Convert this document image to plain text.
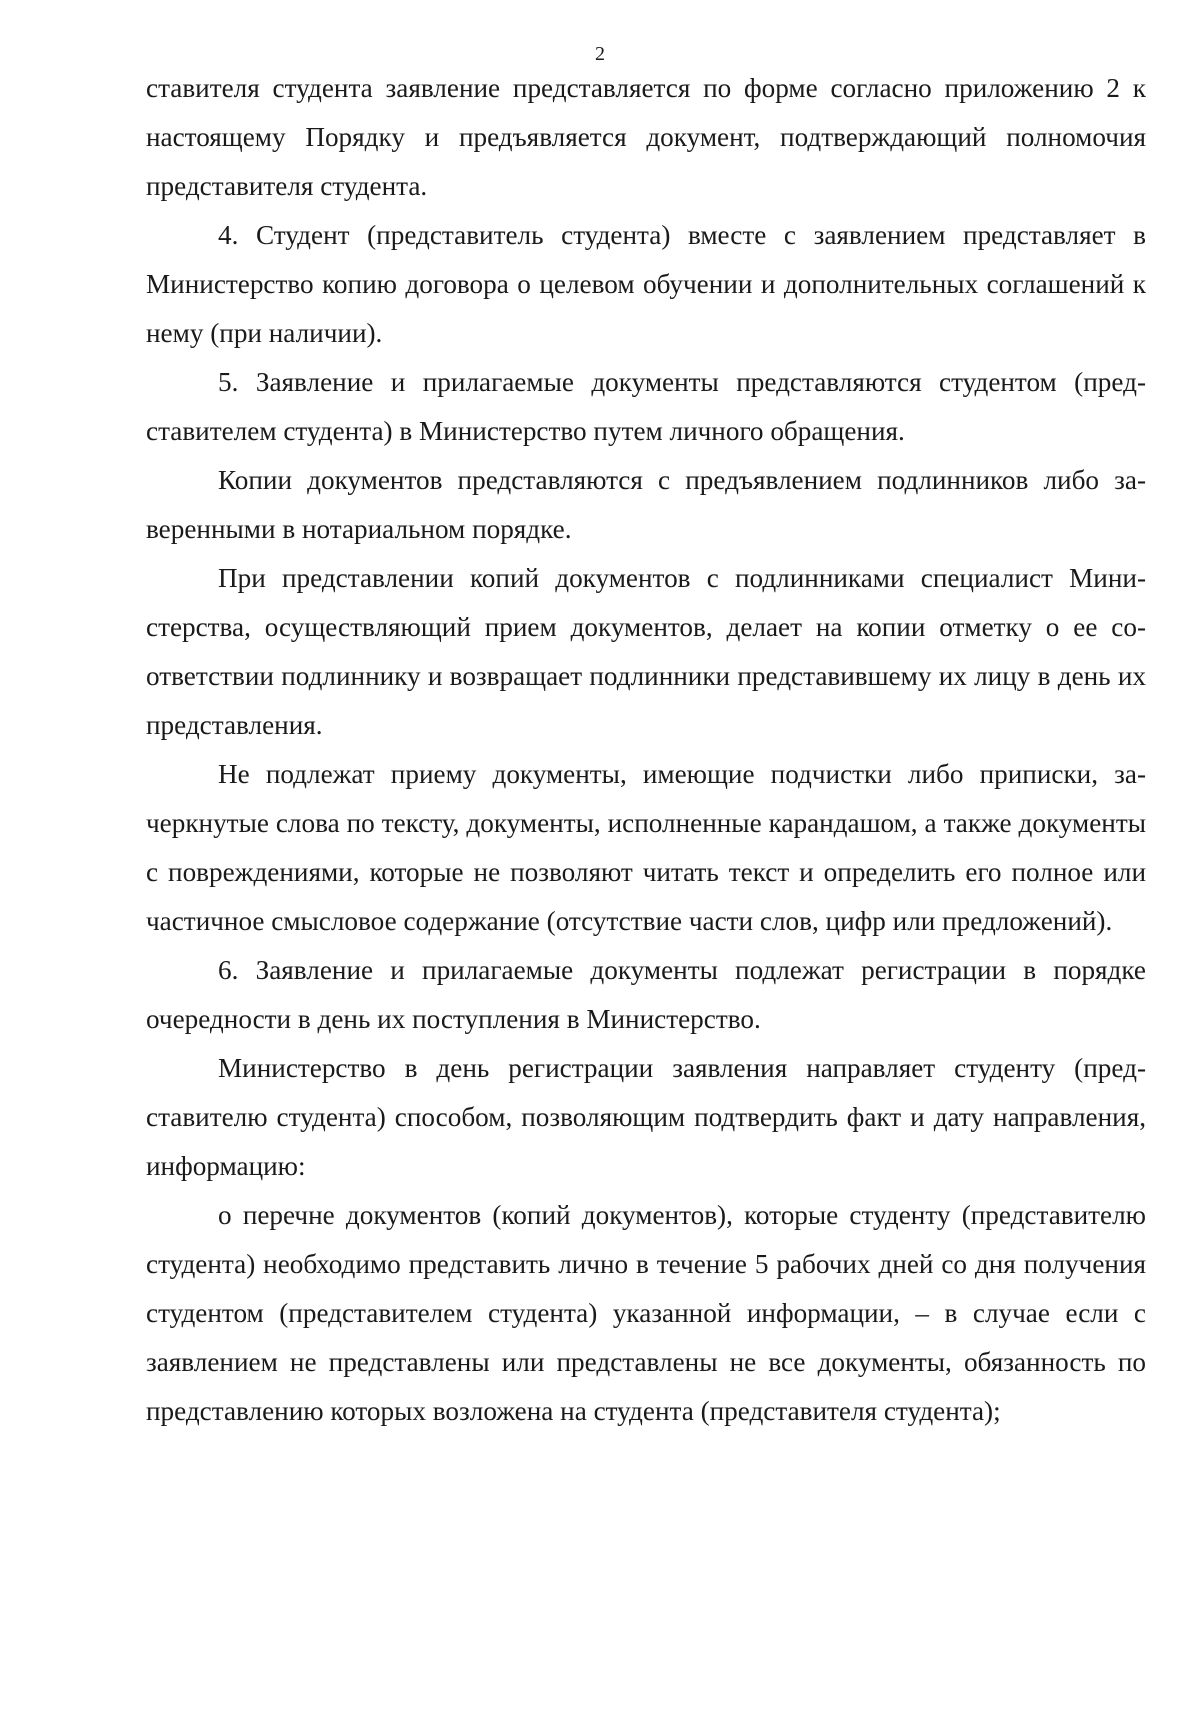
2

ставителя студента заявление представляется по форме согласно приложению 2 к настоящему Порядку и предъявляется документ, подтверждающий полномочия представителя студента.

4. Студент (представитель студента) вместе с заявлением представляет в Министерство копию договора о целевом обучении и дополнительных соглашений к нему (при наличии).

5. Заявление и прилагаемые документы представляются студентом (представителем студента) в Министерство путем личного обращения.

Копии документов представляются с предъявлением подлинников либо заверенными в нотариальном порядке.

При представлении копий документов с подлинниками специалист Министерства, осуществляющий прием документов, делает на копии отметку о ее соответствии подлиннику и возвращает подлинники представившему их лицу в день их представления.

Не подлежат приему документы, имеющие подчистки либо приписки, зачеркнутые слова по тексту, документы, исполненные карандашом, а также документы с повреждениями, которые не позволяют читать текст и определить его полное или частичное смысловое содержание (отсутствие части слов, цифр или предложений).

6. Заявление и прилагаемые документы подлежат регистрации в порядке очередности в день их поступления в Министерство.

Министерство в день регистрации заявления направляет студенту (представителю студента) способом, позволяющим подтвердить факт и дату направления, информацию:

о перечне документов (копий документов), которые студенту (представителю студента) необходимо представить лично в течение 5 рабочих дней со дня получения студентом (представителем студента) указанной информации, – в случае если с заявлением не представлены или представлены не все документы, обязанность по представлению которых возложена на студента (представителя студента);
